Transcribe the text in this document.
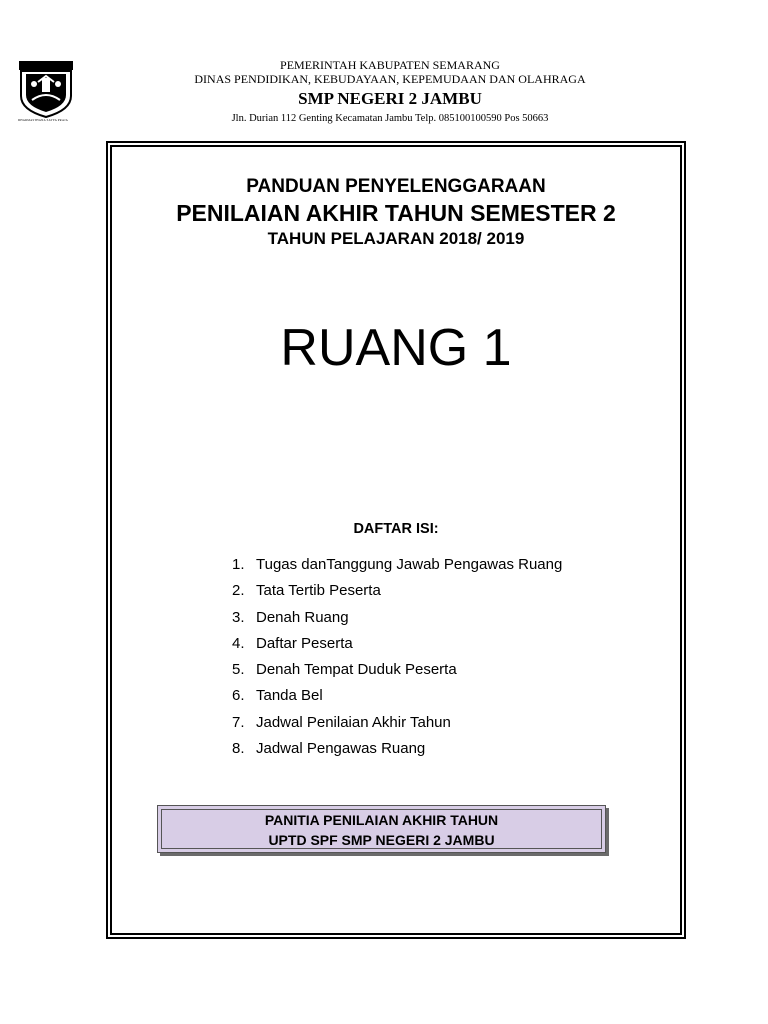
DHARMASTHANA SATYA PRAJA
PEMERINTAH KABUPATEN SEMARANG
DINAS PENDIDIKAN, KEBUDAYAAN, KEPEMUDAAN DAN OLAHRAGA
SMP NEGERI 2 JAMBU
Jln. Durian 112 Genting Kecamatan Jambu Telp. 085100100590 Pos 50663
PANDUAN PENYELENGGARAAN
PENILAIAN AKHIR TAHUN SEMESTER 2
TAHUN PELAJARAN 2018/ 2019
RUANG 1
DAFTAR ISI:
1. Tugas danTanggung Jawab Pengawas Ruang
2. Tata Tertib Peserta
3. Denah Ruang
4. Daftar Peserta
5. Denah Tempat Duduk Peserta
6. Tanda Bel
7. Jadwal Penilaian Akhir Tahun
8. Jadwal Pengawas Ruang
PANITIA PENILAIAN AKHIR TAHUN
UPTD SPF SMP NEGERI 2 JAMBU
